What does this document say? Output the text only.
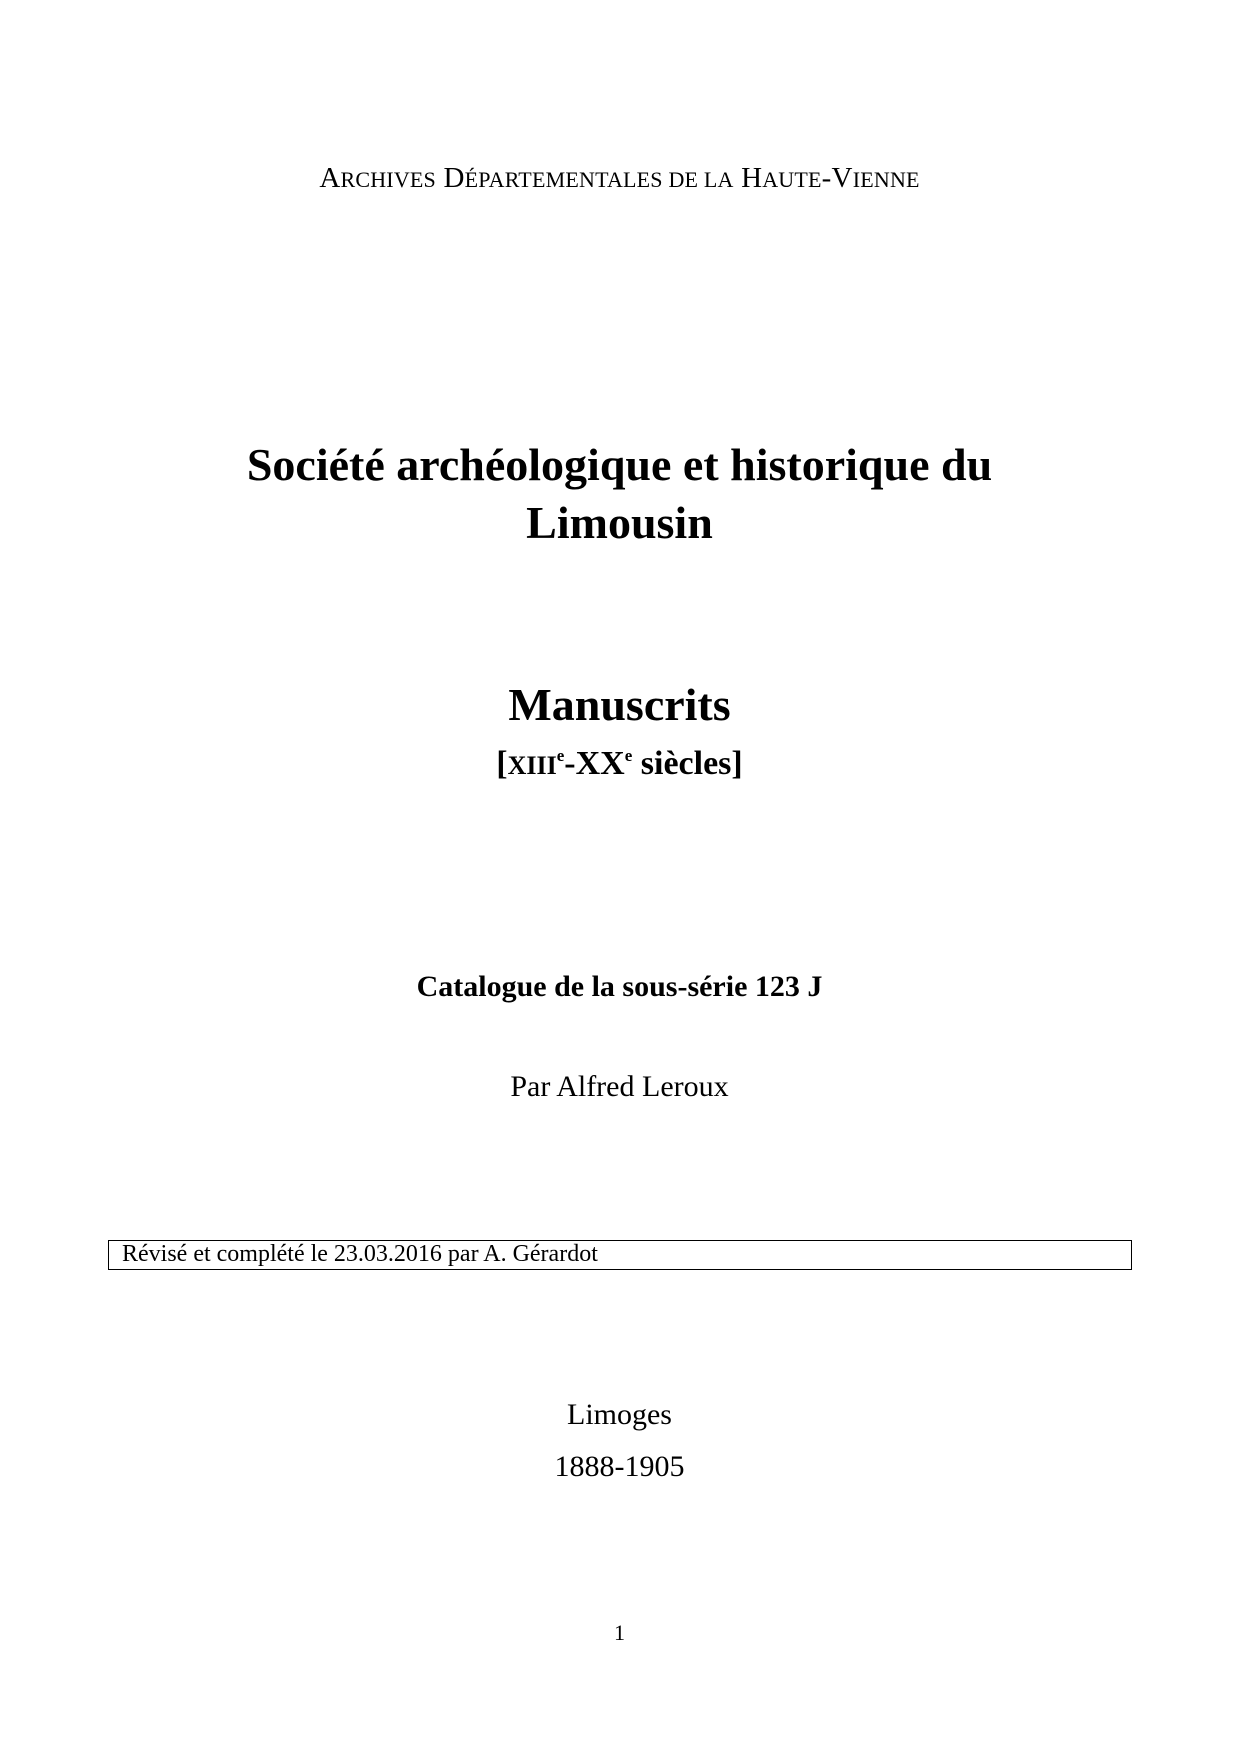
ARCHIVES DÉPARTEMENTALES DE LA HAUTE-VIENNE
Société archéologique et historique du
Limousin
Manuscrits
[XIIIe-XXe siècles]
Catalogue de la sous-série 123 J
Par Alfred Leroux
Révisé et complété le 23.03.2016 par A. Gérardot
Limoges
1888-1905
1
